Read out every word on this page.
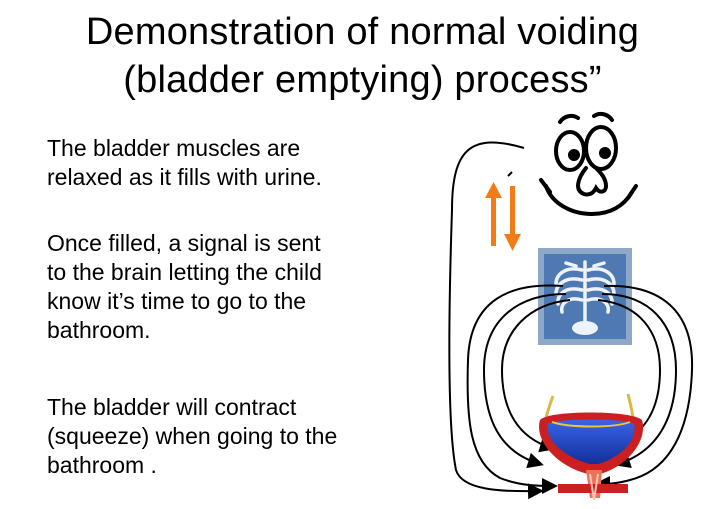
Demonstration of normal voiding
(bladder emptying) process”
The bladder muscles are
relaxed as it fills with urine.
Once filled, a signal is sent
to the brain letting the child
know it’s time to go to the
bathroom.
The bladder will contract
(squeeze) when going to the
bathroom .
